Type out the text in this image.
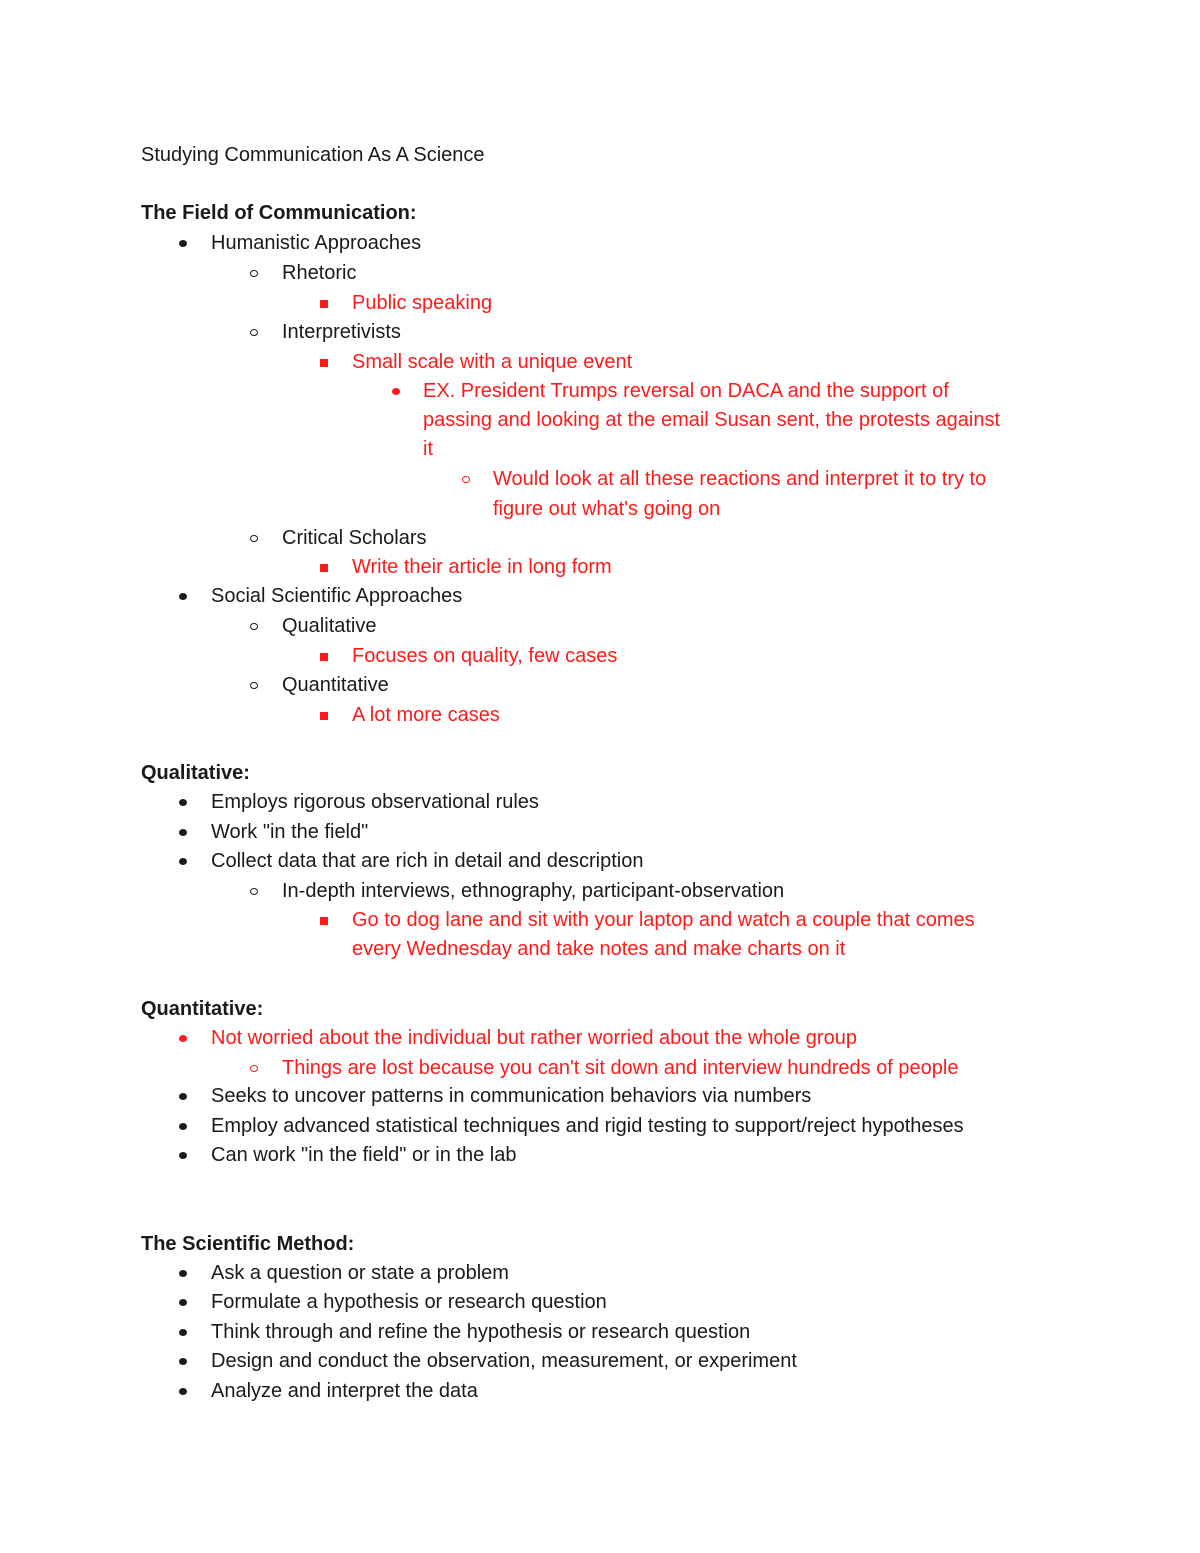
Studying Communication As A Science
The Field of Communication:
Humanistic Approaches
Rhetoric
Public speaking
Interpretivists
Small scale with a unique event
EX. President Trumps reversal on DACA and the support of
passing and looking at the email Susan sent, the protests against
it
Would look at all these reactions and interpret it to try to
figure out what's going on
Critical Scholars
Write their article in long form
Social Scientific Approaches
Qualitative
Focuses on quality, few cases
Quantitative
A lot more cases
Qualitative:
Employs rigorous observational rules
Work "in the field"
Collect data that are rich in detail and description
In-depth interviews, ethnography, participant-observation
Go to dog lane and sit with your laptop and watch a couple that comes
every Wednesday and take notes and make charts on it
Quantitative:
Not worried about the individual but rather worried about the whole group
Things are lost because you can't sit down and interview hundreds of people
Seeks to uncover patterns in communication behaviors via numbers
Employ advanced statistical techniques and rigid testing to support/reject hypotheses
Can work "in the field" or in the lab
The Scientific Method:
Ask a question or state a problem
Formulate a hypothesis or research question
Think through and refine the hypothesis or research question
Design and conduct the observation, measurement, or experiment
Analyze and interpret the data
